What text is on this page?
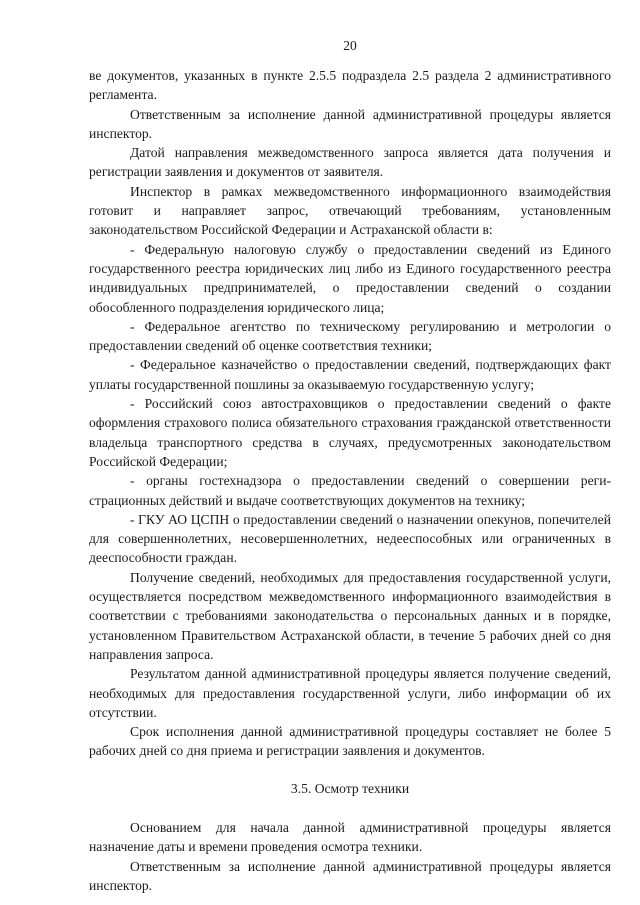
20

ве документов, указанных в пункте 2.5.5 подраздела 2.5 раздела 2 административного регламента.

Ответственным за исполнение данной административной процедуры является инспектор.

Датой направления межведомственного запроса является дата получения и регистрации заявления и документов от заявителя.

Инспектор в рамках межведомственного информационного взаимодействия готовит и направляет запрос, отвечающий требованиям, установленным законодательством Российской Федерации и Астраханской области в:

- Федеральную налоговую службу о предоставлении сведений из Единого государственного реестра юридических лиц либо из Единого государственного реестра индивидуальных предпринимателей, о предоставлении сведений о создании обособленного подразделения юридического лица;

- Федеральное агентство по техническому регулированию и метрологии о предоставлении сведений об оценке соответствия техники;

- Федеральное казначейство о предоставлении сведений, подтверждающих факт уплаты государственной пошлины за оказываемую государственную услугу;

- Российский союз автостраховщиков о предоставлении сведений о факте оформления страхового полиса обязательного страхования гражданской ответственности владельца транспортного средства в случаях, предусмотренных законодательством Российской Федерации;

- органы гостехнадзора о предоставлении сведений о совершении регистрационных действий и выдаче соответствующих документов на технику;

- ГКУ АО ЦСПН о предоставлении сведений о назначении опекунов, попечителей для совершеннолетних, несовершеннолетних, недееспособных или ограниченных в дееспособности граждан.

Получение сведений, необходимых для предоставления государственной услуги, осуществляется посредством межведомственного информационного взаимодействия в соответствии с требованиями законодательства о персональных данных и в порядке, установленном Правительством Астраханской области, в течение 5 рабочих дней со дня направления запроса.

Результатом данной административной процедуры является получение сведений, необходимых для предоставления государственной услуги, либо информации об их отсутствии.

Срок исполнения данной административной процедуры составляет не более 5 рабочих дней со дня приема и регистрации заявления и документов.

3.5. Осмотр техники

Основанием для начала данной административной процедуры является назначение даты и времени проведения осмотра техники.

Ответственным за исполнение данной административной процедуры является инспектор.
